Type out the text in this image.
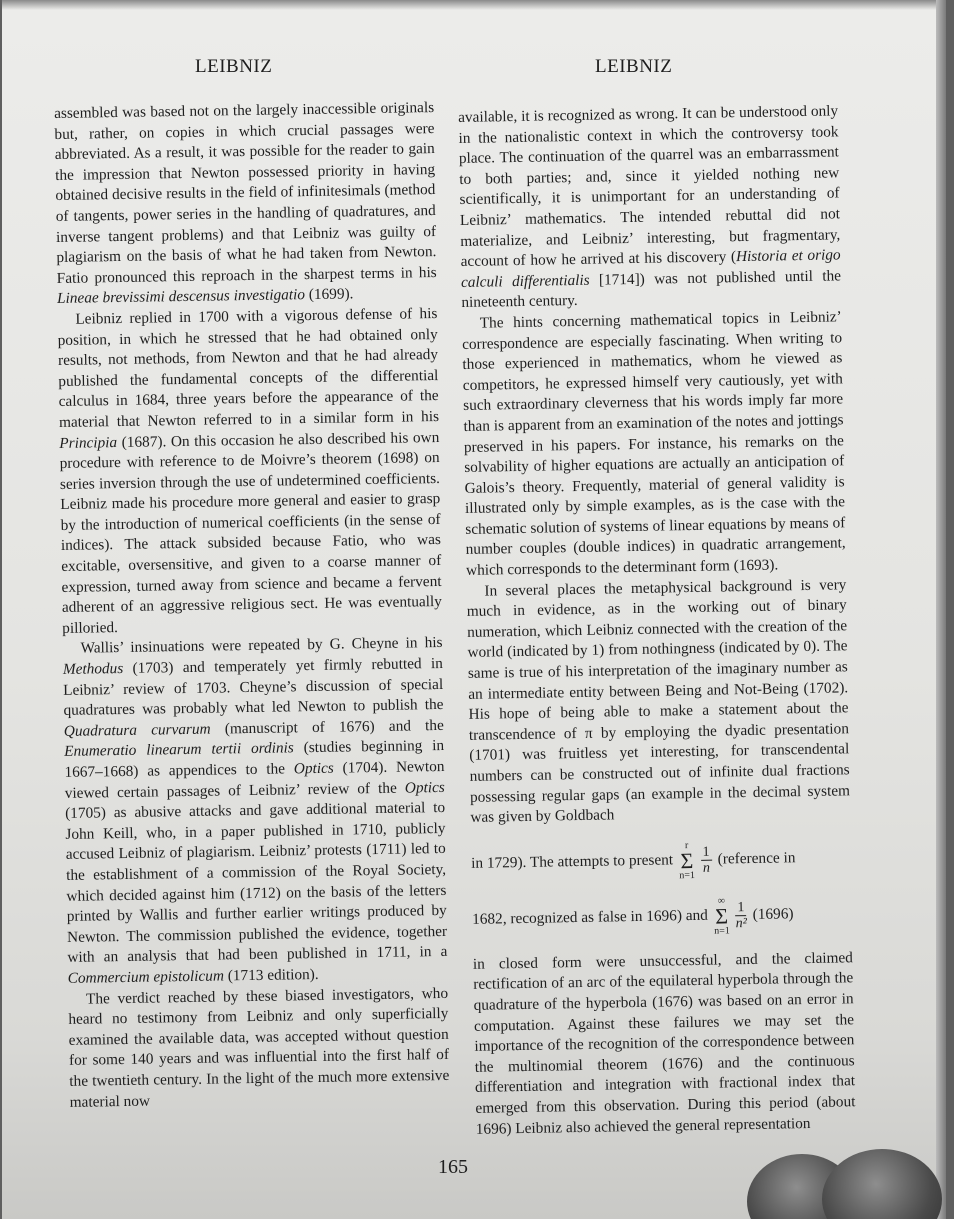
LEIBNIZ	LEIBNIZ

assembled was based not on the largely inaccessible originals but, rather, on copies in which crucial passages were abbreviated. As a result, it was possible for the reader to gain the impression that Newton possessed priority in having obtained decisive results in the field of infinitesimals (method of tangents, power series in the handling of quadratures, and inverse tangent problems) and that Leibniz was guilty of plagiarism on the basis of what he had taken from Newton. Fatio pronounced this reproach in the sharpest terms in his Lineae brevissimi descensus investigatio (1699).

Leibniz replied in 1700 with a vigorous defense of his position, in which he stressed that he had obtained only results, not methods, from Newton and that he had already published the fundamental concepts of the differential calculus in 1684, three years before the appearance of the material that Newton referred to in a similar form in his Principia (1687). On this occasion he also described his own procedure with reference to de Moivre’s theorem (1698) on series inversion through the use of undetermined coefficients. Leibniz made his procedure more general and easier to grasp by the introduction of numerical coefficients (in the sense of indices). The attack subsided because Fatio, who was excitable, oversensitive, and given to a coarse manner of expression, turned away from science and became a fervent adherent of an aggressive religious sect. He was eventually pilloried.

Wallis’ insinuations were repeated by G. Cheyne in his Methodus (1703) and temperately yet firmly rebutted in Leibniz’ review of 1703. Cheyne’s discussion of special quadratures was probably what led Newton to publish the Quadratura curvarum (manuscript of 1676) and the Enumeratio linearum tertii ordinis (studies beginning in 1667–1668) as appendices to the Optics (1704). Newton viewed certain passages of Leibniz’ review of the Optics (1705) as abusive attacks and gave additional material to John Keill, who, in a paper published in 1710, publicly accused Leibniz of plagiarism. Leibniz’ protests (1711) led to the establishment of a commission of the Royal Society, which decided against him (1712) on the basis of the letters printed by Wallis and further earlier writings produced by Newton. The commission published the evidence, together with an analysis that had been published in 1711, in a Commercium epistolicum (1713 edition).

The verdict reached by these biased investigators, who heard no testimony from Leibniz and only superficially examined the available data, was accepted without question for some 140 years and was influential into the first half of the twentieth century. In the light of the much more extensive material now

available, it is recognized as wrong. It can be understood only in the nationalistic context in which the controversy took place. The continuation of the quarrel was an embarrassment to both parties; and, since it yielded nothing new scientifically, it is unimportant for an understanding of Leibniz’ mathematics. The intended rebuttal did not materialize, and Leibniz’ interesting, but fragmentary, account of how he arrived at his discovery (Historia et origo calculi differentialis [1714]) was not published until the nineteenth century.

The hints concerning mathematical topics in Leibniz’ correspondence are especially fascinating. When writing to those experienced in mathematics, whom he viewed as competitors, he expressed himself very cautiously, yet with such extraordinary cleverness that his words imply far more than is apparent from an examination of the notes and jottings preserved in his papers. For instance, his remarks on the solvability of higher equations are actually an anticipation of Galois’s theory. Frequently, material of general validity is illustrated only by simple examples, as is the case with the schematic solution of systems of linear equations by means of number couples (double indices) in quadratic arrangement, which corresponds to the determinant form (1693).

In several places the metaphysical background is very much in evidence, as in the working out of binary numeration, which Leibniz connected with the creation of the world (indicated by 1) from nothingness (indicated by 0). The same is true of his interpretation of the imaginary number as an intermediate entity between Being and Not-Being (1702). His hope of being able to make a statement about the transcendence of π by employing the dyadic presentation (1701) was fruitless yet interesting, for transcendental numbers can be constructed out of infinite dual fractions possessing regular gaps (an example in the decimal system was given by Goldbach

in 1729). The attempts to present
r
Σ
$n=1 \frac{1}{n}$ (reference in
1682, recognized as false in 1696) and
∞
Σ
$n=1 \frac{1}{\text{n²}} (1696)$

in closed form were unsuccessful, and the claimed rectification of an arc of the equilateral hyperbola through the quadrature of the hyperbola (1676) was based on an error in computation. Against these failures we may set the importance of the recognition of the correspondence between the multinomial theorem (1676) and the continuous differentiation and integration with fractional index that emerged from this observation. During this period (about 1696) Leibniz also achieved the general representation

165
